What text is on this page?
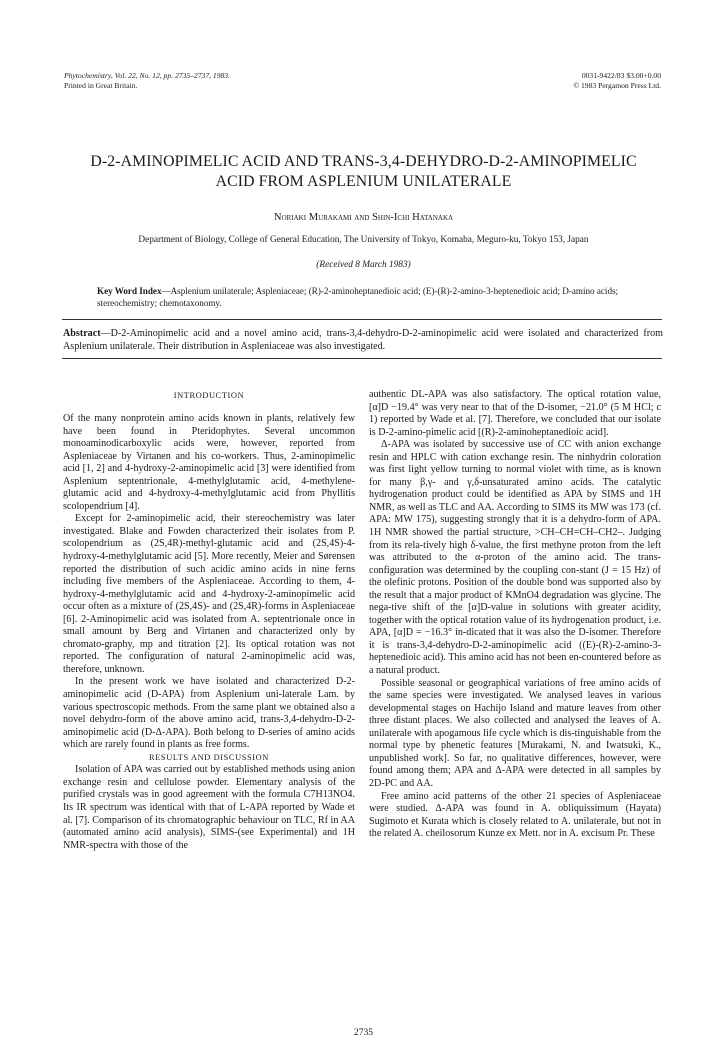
Phytochemistry, Vol. 22, No. 12, pp. 2735–2737, 1983.
Printed in Great Britain.
0031-9422/83 $3.00+0.00
© 1983 Pergamon Press Ltd.
D-2-AMINOPIMELIC ACID AND TRANS-3,4-DEHYDRO-D-2-AMINOPIMELIC
ACID FROM ASPLENIUM UNILATERALE
Noriaki Murakami and Shin-Ichi Hatanaka
Department of Biology, College of General Education, The University of Tokyo, Komaba, Meguro-ku, Tokyo 153, Japan
(Received 8 March 1983)
Key Word Index—Asplenium unilaterale; Aspleniaceae; (R)-2-aminoheptanedioic acid; (E)-(R)-2-amino-3-heptenedioic acid; D-amino acids; stereochemistry; chemotaxonomy.
Abstract—D-2-Aminopimelic acid and a novel amino acid, trans-3,4-dehydro-D-2-aminopimelic acid were isolated and characterized from Asplenium unilaterale. Their distribution in Aspleniaceae was also investigated.
INTRODUCTION

Of the many nonprotein amino acids known in plants, relatively few have been found in Pteridophytes. Several uncommon monoaminodicarboxylic acids were, however, reported from Aspleniaceae by Virtanen and his co-workers. Thus, 2-aminopimelic acid [1, 2] and 4-hydroxy-2-aminopimelic acid [3] were identified from Asplenium septentrionale, 4-methylglutamic acid, 4-methylene-glutamic acid and 4-hydroxy-4-methylglutamic acid from Phyllitis scolopendrium [4].

Except for 2-aminopimelic acid, their stereochemistry was later investigated. Blake and Fowden characterized their isolates from P. scolopendrium as (2S,4R)-methyl-glutamic acid and (2S,4S)-4-hydroxy-4-methylglutamic acid [5]. More recently, Meier and Sørensen reported the distribution of such acidic amino acids in nine ferns including five members of the Aspleniaceae. According to them, 4-hydroxy-4-methylglutamic acid and 4-hydroxy-2-aminopimelic acid occur often as a mixture of (2S,4S)- and (2S,4R)-forms in Aspleniaceae [6]. 2-Aminopimelic acid was isolated from A. septentrionale once in small amount by Berg and Virtanen and characterized only by chromato-graphy, mp and titration [2]. Its optical rotation was not reported. The configuration of natural 2-aminopimelic acid was, therefore, unknown.

In the present work we have isolated and characterized D-2-aminopimelic acid (D-APA) from Asplenium uni-laterale Lam. by various spectroscopic methods. From the same plant we obtained also a novel dehydro-form of the above amino acid, trans-3,4-dehydro-D-2-aminopimelic acid (D-Δ-APA). Both belong to D-series of amino acids which are rarely found in plants as free forms.

RESULTS AND DISCUSSION

Isolation of APA was carried out by established methods using anion exchange resin and cellulose powder. Elementary analysis of the purified crystals was in good agreement with the formula C7H13NO4. Its IR spectrum was identical with that of L-APA reported by Wade et al. [7]. Comparison of its chromatographic behaviour on TLC, Rf in AA (automated amino acid analysis), SIMS-(see Experimental) and 1H NMR-spectra with those of the

authentic DL-APA was also satisfactory. The optical rotation value, [α]D −19.4° was very near to that of the D-isomer, −21.0° (5 M HCl; c 1) reported by Wade et al. [7]. Therefore, we concluded that our isolate is D-2-amino-pimelic acid [(R)-2-aminoheptanedioic acid].

Δ-APA was isolated by successive use of CC with anion exchange resin and HPLC with cation exchange resin. The ninhydrin coloration was first light yellow turning to normal violet with time, as is known for many β,γ- and γ,δ-unsaturated amino acids. The catalytic hydrogenation product could be identified as APA by SIMS and 1H NMR, as well as TLC and AA. According to SIMS its MW was 173 (cf. APA: MW 175), suggesting strongly that it is a dehydro-form of APA. 1H NMR showed the partial structure, >CH–CH=CH–CH2–. Judging from its rela-tively high δ-value, the first methyne proton from the left was attributed to the α-proton of the amino acid. The trans-configuration was determined by the coupling con-stant (J = 15 Hz) of the olefinic protons. Position of the double bond was supported also by the result that a major product of KMnO4 degradation was glycine. The nega-tive shift of the [α]D-value in solutions with greater acidity, together with the optical rotation value of its hydrogenation product, i.e. APA, [α]D = −16.3° in-dicated that it was also the D-isomer. Therefore it is trans-3,4-dehydro-D-2-aminopimelic acid ((E)-(R)-2-amino-3-heptenedioic acid). This amino acid has not been en-countered before as a natural product.

Possible seasonal or geographical variations of free amino acids of the same species were investigated. We analysed leaves in various developmental stages on Hachijo Island and mature leaves from other three distant places. We also collected and analysed the leaves of A. unilaterale with apogamous life cycle which is dis-tinguishable from the normal type by phenetic features [Murakami, N. and Iwatsuki, K., unpublished work]. So far, no qualitative differences, however, were found among them; APA and Δ-APA were detected in all samples by 2D-PC and AA.

Free amino acid patterns of the other 21 species of Aspleniaceae were studied. Δ-APA was found in A. obliquissimum (Hayata) Sugimoto et Kurata which is closely related to A. unilaterale, but not in the related A. cheilosorum Kunze ex Mett. nor in A. excisum Pr. These

2735
